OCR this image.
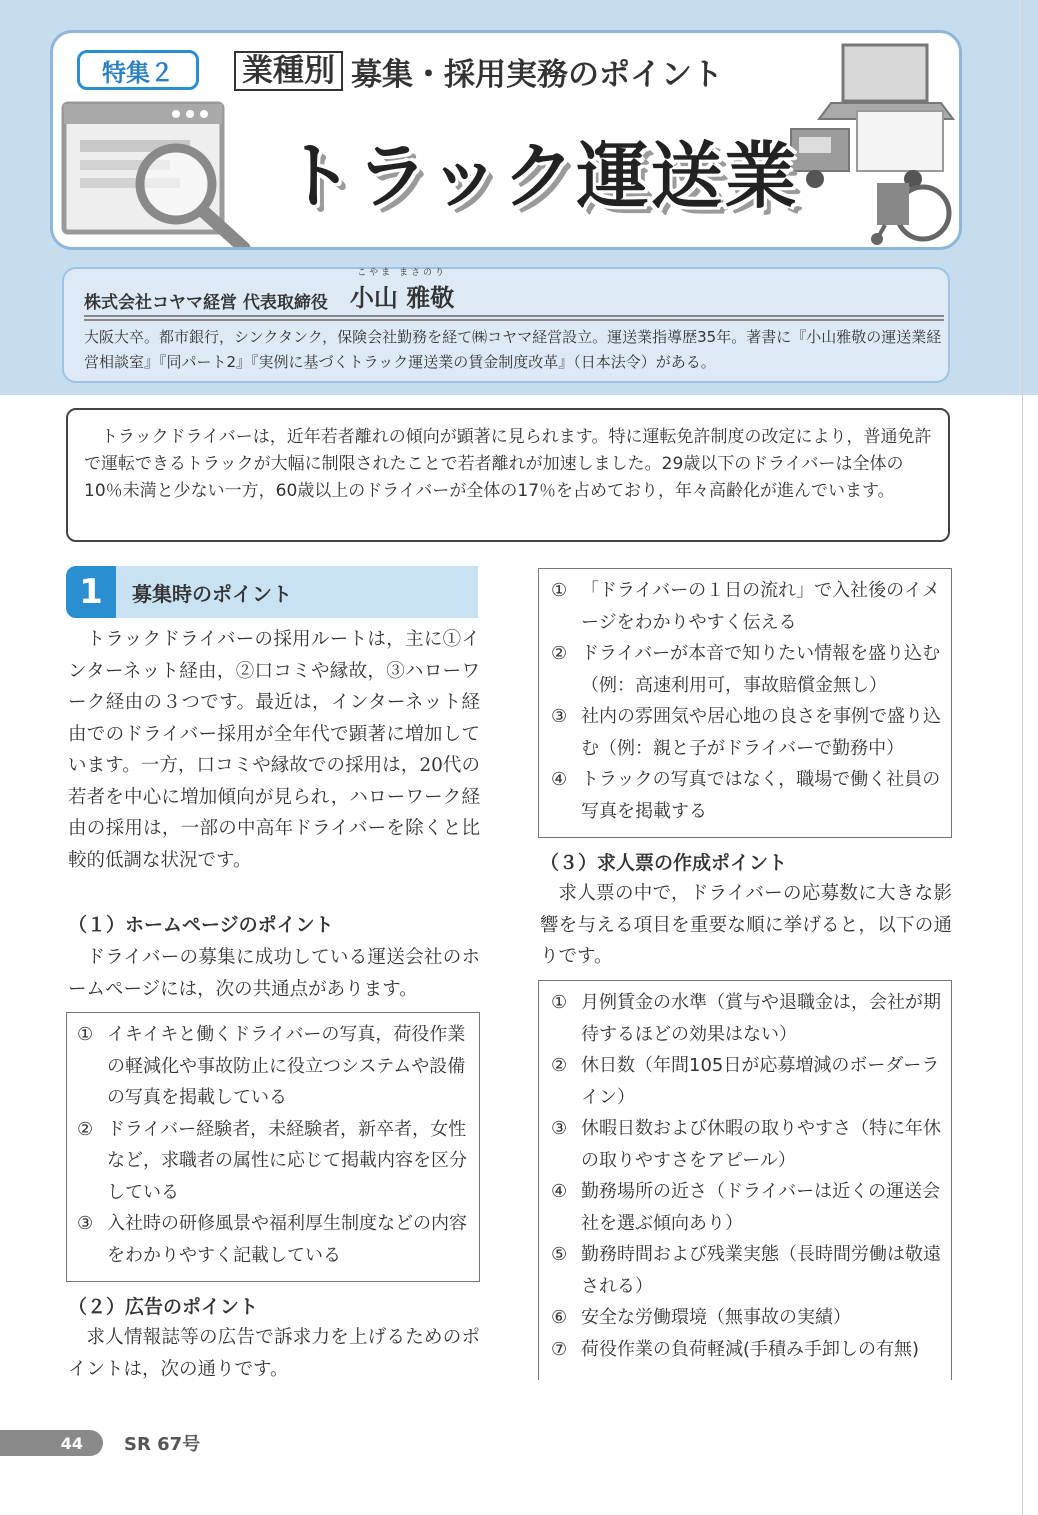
特集２	業種別 募集・採用実務のポイント
トラック運送業
株式会社コヤマ経営 代表取締役
こやま まさのり
小山 雅敬
大阪大卒。都市銀行，シンクタンク，保険会社勤務を経て㈱コヤマ経営設立。運送業指導歴35年。著書に『小山雅敬の運送業経営相談室』『同パート2』『実例に基づくトラック運送業の賃金制度改革』（日本法令）がある。
トラックドライバーは，近年若者離れの傾向が顕著に見られます。特に運転免許制度の改定により，普通免許で運転できるトラックが大幅に制限されたことで若者離れが加速しました。29歳以下のドライバーは全体の10％未満と少ない一方，60歳以上のドライバーが全体の17％を占めており，年々高齢化が進んでいます。
1	募集時のポイント
トラックドライバーの採用ルートは，主に①インターネット経由，②口コミや縁故，③ハローワーク経由の３つです。最近は，インターネット経由でのドライバー採用が全年代で顕著に増加しています。一方，口コミや縁故での採用は，20代の若者を中心に増加傾向が見られ，ハローワーク経由の採用は，一部の中高年ドライバーを除くと比較的低調な状況です。
（１）ホームページのポイント
ドライバーの募集に成功している運送会社のホームページには，次の共通点があります。
① イキイキと働くドライバーの写真，荷役作業の軽減化や事故防止に役立つシステムや設備の写真を掲載している
② ドライバー経験者，未経験者，新卒者，女性など，求職者の属性に応じて掲載内容を区分している
③ 入社時の研修風景や福利厚生制度などの内容をわかりやすく記載している
（２）広告のポイント
求人情報誌等の広告で訴求力を上げるためのポイントは，次の通りです。
① 「ドライバーの１日の流れ」で入社後のイメージをわかりやすく伝える
② ドライバーが本音で知りたい情報を盛り込む（例：高速利用可，事故賠償金無し）
③ 社内の雰囲気や居心地の良さを事例で盛り込む（例：親と子がドライバーで勤務中）
④ トラックの写真ではなく，職場で働く社員の写真を掲載する
（３）求人票の作成ポイント
求人票の中で，ドライバーの応募数に大きな影響を与える項目を重要な順に挙げると，以下の通りです。
① 月例賃金の水準（賞与や退職金は，会社が期待するほどの効果はない）
② 休日数（年間105日が応募増減のボーダーライン）
③ 休暇日数および休暇の取りやすさ（特に年休の取りやすさをアピール）
④ 勤務場所の近さ（ドライバーは近くの運送会社を選ぶ傾向あり）
⑤ 勤務時間および残業実態（長時間労働は敬遠される）
⑥ 安全な労働環境（無事故の実績）
⑦ 荷役作業の負荷軽減(手積み手卸しの有無)
44	SR 67号
